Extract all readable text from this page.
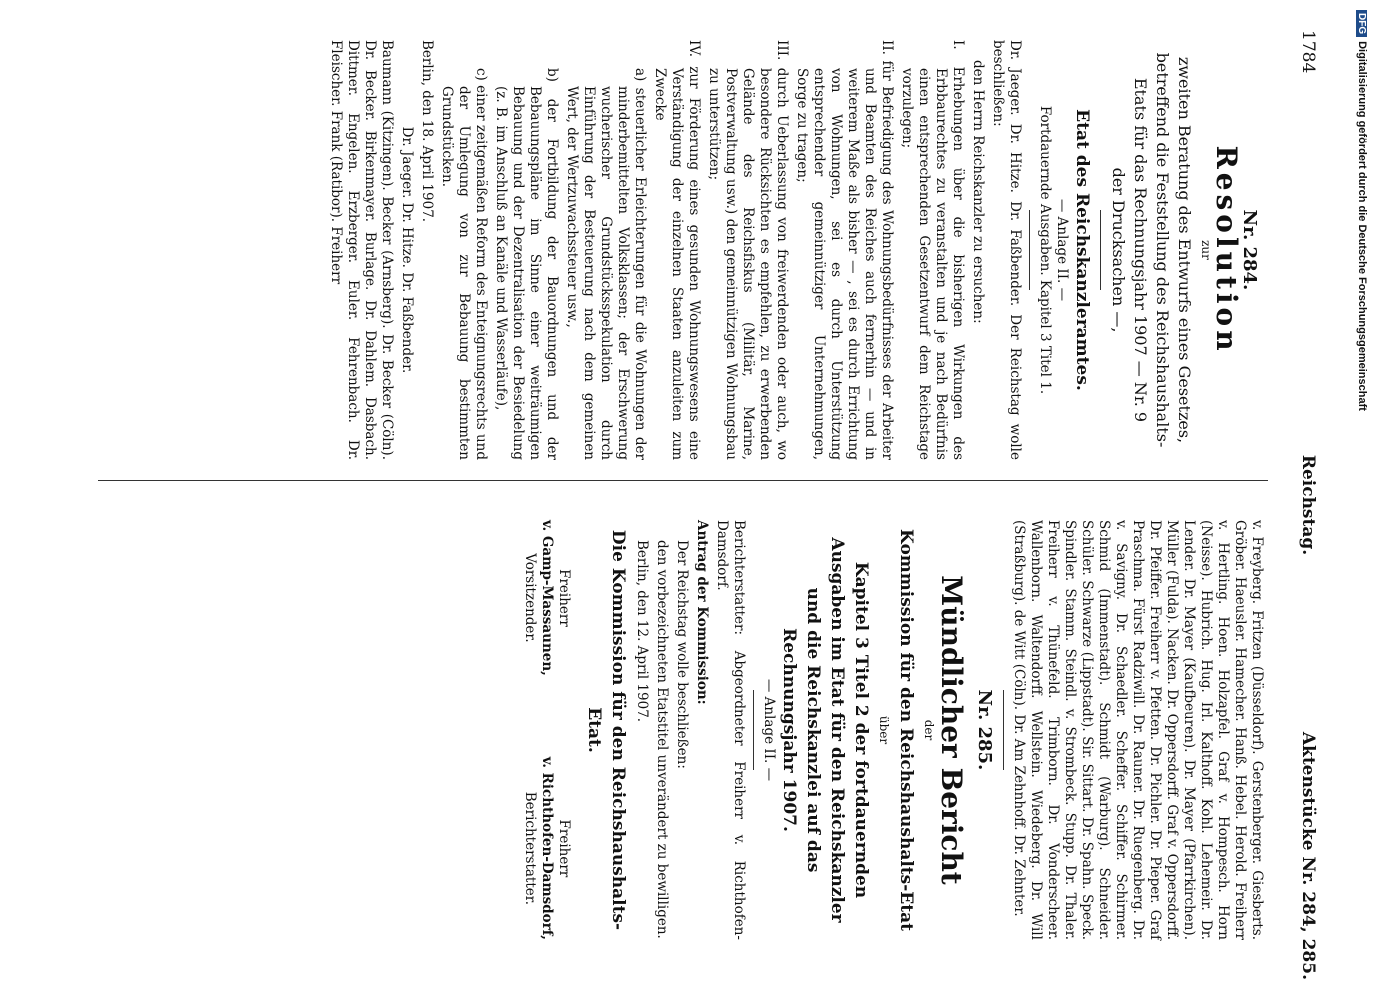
1784
Reichstag.
Aktenstücke Nr. 284, 285.
Nr. 284.
Resolution
zur
zweiten Beratung des Entwurfs eines Gesetzes,
betreffend die Feststellung des Reichshaushalts-
Etats für das Rechnungsjahr 1907 — Nr. 9
der Drucksachen —,
Etat des Reichskanzleramtes.
— Anlage II. —
Fortdauernde Ausgaben. Kapitel 3 Titel 1.

Dr. Jaeger. Dr. Hitze. Dr. Faßbender. Der Reichstag wolle beschließen:

den Herrn Reichskanzler zu ersuchen:

I. Erhebungen über die bisherigen Wirkungen des Erbbaurechtes zu veranstalten und je nach Bedürfnis einen entsprechenden Gesetzentwurf dem Reichstage vorzulegen;
II. für Befriedigung des Wohnungsbedürfnisses der Arbeiter und Beamten des Reiches auch fernerhin — und in weiterem Maße als bisher — , sei es durch Errichtung von Wohnungen, sei es durch Unterstützung entsprechender gemeinnütziger Unternehmungen, Sorge zu tragen;
III. durch Ueberlassung von freiwerdenden oder auch, wo besondere Rücksichten es empfehlen, zu erwerbenden Gelände des Reichsfiskus (Militär, Marine, Postverwaltung usw.) den gemeinnützigen Wohnungsbau zu unterstützen;
IV. zur Förderung eines gesunden Wohnungswesens eine Verständigung der einzelnen Staaten anzuleiten zum Zwecke
a) steuerlicher Erleichterungen für die Wohnungen der minderbemittelten Volksklassen; der Erschwerung wucherischer Grundstücksspekulation durch Einführung der Besteuerung nach dem gemeinen Wert, der Wertzuwachssteuer usw.,
b) der Fortbildung der Bauordnungen und der Bebauungspläne im Sinne einer weiträumigen Bebauung und der Dezentralisation der Besiedelung (z. B. im Anschluß an Kanäle und Wasserläufe),
c) einer zeitgemäßen Reform des Enteignungsrechts und der Umlegung von zur Bebauung bestimmten Grundstücken.

Berlin, den 18. April 1907.

Dr. Jaeger. Dr. Hitze. Dr. Faßbender.

Baumann (Kitzingen). Becker (Arnsberg). Dr. Becker (Cöln). Dr. Becker. Birkenmayer. Burlage. Dr. Dahlem. Dasbach. Dittmer. Engelen. Erzberger. Euler. Fehrenbach. Dr. Fleischer. Frank (Ratibor). Freiherr

v. Freyberg. Fritzen (Düsseldorf). Gerstenberger. Giesberts. Gröber. Haeusler. Hamecher. Hanß. Hebel. Herold. Freiherr v. Hertling. Hoen. Holzapfel. Graf v. Hompesch. Horn (Neisse). Hubrich. Hug. Irl. Kalthoff. Kohl. Lehemeir. Dr. Lender. Dr. Mayer (Kaufbeuren). Dr. Mayer (Pfarrkirchen). Müller (Fulda). Nacken. Dr. Oppersdorff. Graf v. Oppersdorff. Dr. Pfeiffer. Freiherr v. Pfetten. Dr. Pichler. Dr. Pieper. Graf Praschma. Fürst Radziwill. Dr. Rauner. Dr. Ruegenberg. Dr. v. Savigny. Dr. Schaedler. Scheffer. Schiffer. Schirmer. Schmid (Immenstadt). Schmidt (Warburg). Schneider. Schüler. Schwarze (Lippstadt). Sir. Sittart. Dr. Spahn. Speck. Spindler. Stamm. Steindl. v. Strombeck. Stupp. Dr. Thaler. Freiherr v. Thünefeld. Trimborn. Dr. Vonderscheer. Wallenborn. Waltendorff. Wellstein. Wiedeberg. Dr. Will (Straßburg). de Witt (Cöln). Dr. Am Zehnhoff. Dr. Zehnter.

Nr. 285.
Mündlicher Bericht
der
Kommission für den Reichshaushalts-Etat
über
Kapitel 3 Titel 2 der fortdauernden Ausgaben im Etat für den Reichskanzler und die Reichskanzlei auf das Rechnungsjahr 1907.
— Anlage II. —

Berichterstatter: Abgeordneter Freiherr v. Richthofen-Damsdorf.

Antrag der Kommission:

Der Reichstag wolle beschließen:

den vorbezeichneten Etatstitel unverändert zu bewilligen.

Berlin, den 12. April 1907.

Die Kommission für den Reichshaushalts-Etat.
Freiherr
v. Gamp-Massaunen,
Vorsitzender.
Freiherr
v. Richthofen-Damsdorf,
Berichterstatter.
DFGDigitalisierung gefördert durch die Deutsche Forschungsgemeinschaft
